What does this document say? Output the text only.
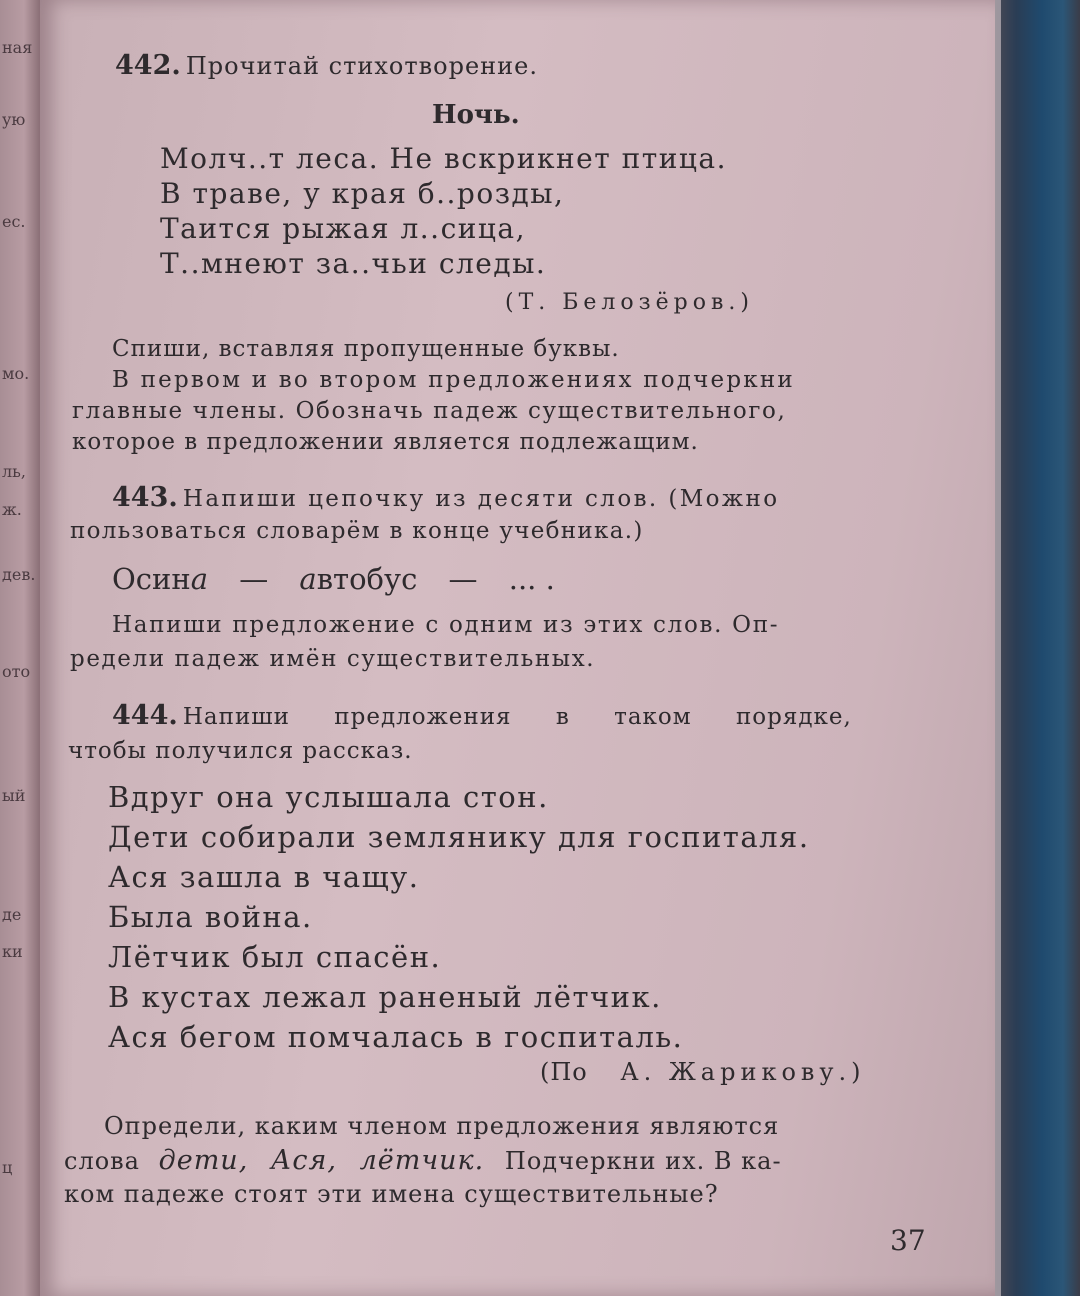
ная
ую
ес.
мо.
ль,
ж.
дев.
ото
ый
де
ки
ц
442. Прочитай стихотворение.
Ночь.
Молч..т леса. Не вскрикнет птица.
В траве, у края б..розды,
Таится рыжая л..сица,
Т..мнеют за..чьи следы.
(Т. Белозёров.)
Спиши, вставляя пропущенные буквы.
В первом и во втором предложениях подчеркни
главные члены. Обозначь падеж существительного,
которое в предложении является подлежащим.
443. Напиши цепочку из десяти слов. (Можно
пользоваться словарём в конце учебника.)
Осина — автобус — ... .
Напиши предложение с одним из этих слов. Оп-
редели падеж имён существительных.
444. Напиши предложения в таком порядке,
чтобы получился рассказ.
Вдруг она услышала стон.
Дети собирали землянику для госпиталя.
Ася зашла в чащу.
Была война.
Лётчик был спасён.
В кустах лежал раненый лётчик.
Ася бегом помчалась в госпиталь.
(По А. Жарикову.)
Определи, каким членом предложения являются
слова дети, Ася, лётчик. Подчеркни их. В ка-
ком падеже стоят эти имена существительные?
37
